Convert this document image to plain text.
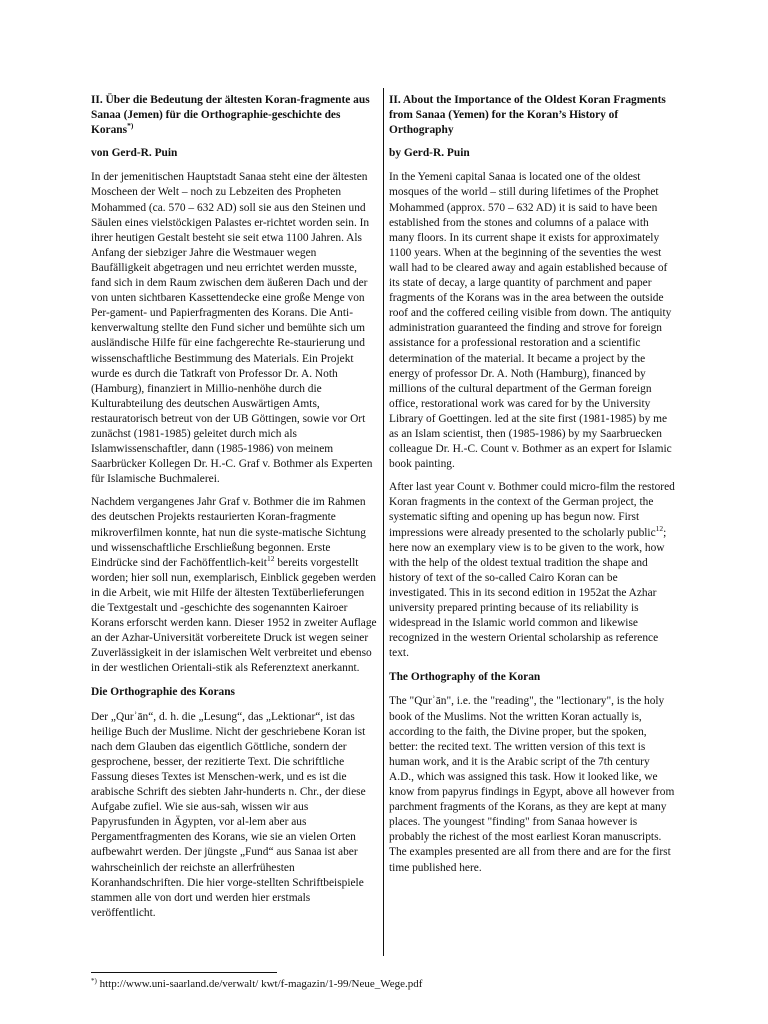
II. Über die Bedeutung der ältesten Koran-fragmente aus Sanaa (Jemen) für die Orthographie-geschichte des Korans*)

von Gerd-R. Puin

In der jemenitischen Hauptstadt Sanaa steht eine der ältesten Moscheen der Welt – noch zu Lebzeiten des Propheten Mohammed (ca. 570 – 632 AD) soll sie aus den Steinen und Säulen eines vielstöckigen Palastes er-richtet worden sein. In ihrer heutigen Gestalt besteht sie seit etwa 1100 Jahren. Als Anfang der siebziger Jahre die Westmauer wegen Baufälligkeit abgetragen und neu errichtet werden musste, fand sich in dem Raum zwischen dem äußeren Dach und der von unten sichtbaren Kassettendecke eine große Menge von Per-gament- und Papierfragmenten des Korans. Die Anti-kenverwaltung stellte den Fund sicher und bemühte sich um ausländische Hilfe für eine fachgerechte Re-staurierung und wissenschaftliche Bestimmung des Materials. Ein Projekt wurde es durch die Tatkraft von Professor Dr. A. Noth (Hamburg), finanziert in Millio-nenhöhe durch die Kulturabteilung des deutschen Auswärtigen Amts, restauratorisch betreut von der UB Göttingen, sowie vor Ort zunächst (1981-1985) geleitet durch mich als Islamwissenschaftler, dann (1985-1986) von meinem Saarbrücker Kollegen Dr. H.-C. Graf v. Bothmer als Experten für Islamische Buchmalerei.

Nachdem vergangenes Jahr Graf v. Bothmer die im Rahmen des deutschen Projekts restaurierten Koran-fragmente mikroverfilmen konnte, hat nun die syste-matische Sichtung und wissenschaftliche Erschließung begonnen. Erste Eindrücke sind der Fachöffentlich-keit$^{12}$ bereits vorgestellt worden; hier soll nun, exemplarisch, Einblick gegeben werden in die Arbeit, wie mit Hilfe der ältesten Textüberlieferungen die Textgestalt und -geschichte des sogenannten Kairoer Korans erforscht werden kann. Dieser 1952 in zweiter Auflage an der Azhar-Universität vorbereitete Druck ist wegen seiner Zuverlässigkeit in der islamischen Welt verbreitet und ebenso in der westlichen Orientali-stik als Referenztext anerkannt.

Die Orthographie des Korans

Der „Qurʾān“, d. h. die „Lesung“, das „Lektionar“, ist das heilige Buch der Muslime. Nicht der geschriebene Koran ist nach dem Glauben das eigentlich Göttliche, sondern der gesprochene, besser, der rezitierte Text. Die schriftliche Fassung dieses Textes ist Menschen-werk, und es ist die arabische Schrift des siebten Jahr-hunderts n. Chr., der diese Aufgabe zufiel. Wie sie aus-sah, wissen wir aus Papyrusfunden in Ägypten, vor al-lem aber aus Pergamentfragmenten des Korans, wie sie an vielen Orten aufbewahrt werden. Der jüngste „Fund“ aus Sanaa ist aber wahrscheinlich der reichste an allerfrühesten Koranhandschriften. Die hier vorge-stellten Schriftbeispiele stammen alle von dort und werden hier erstmals veröffentlicht.

II. About the Importance of the Oldest Koran Fragments from Sanaa (Yemen) for the Koran’s History of Orthography

by Gerd-R. Puin

In the Yemeni capital Sanaa is located one of the oldest mosques of the world – still during lifetimes of the Prophet Mohammed (approx. 570 – 632 AD) it is said to have been established from the stones and columns of a palace with many floors. In its current shape it exists for approximately 1100 years. When at the beginning of the seventies the west wall had to be cleared away and again established because of its state of decay, a large quantity of parchment and paper fragments of the Korans was in the area between the outside roof and the coffered ceiling visible from down. The antiquity administration guaranteed the finding and strove for foreign assistance for a professional restoration and a scientific determination of the material. It became a project by the energy of professor Dr. A. Noth (Hamburg), financed by millions of the cultural department of the German foreign office, restorational work was cared for by the University Library of Goettingen. led at the site first (1981-1985) by me as an Islam scientist, then (1985-1986) by my Saarbruecken colleague Dr. H.-C. Count v. Bothmer as an expert for Islamic book painting.

After last year Count v. Bothmer could micro-film the restored Koran fragments in the context of the German project, the systematic sifting and opening up has begun now. First impressions were already presented to the scholarly public$^{12}$; here now an exemplary view is to be given to the work, how with the help of the oldest textual tradition the shape and history of text of the so-called Cairo Koran can be investigated. This in its second edition in 1952at the Azhar university prepared printing because of its reliability is widespread in the Islamic world common and likewise recognized in the western Oriental scholarship as reference text.

The Orthography of the Koran

The "Qurʾān", i.e. the "reading", the "lectionary", is the holy book of the Muslims. Not the written Koran actually is, according to the faith, the Divine proper, but the spoken, better: the recited text. The written version of this text is human work, and it is the Arabic script of the 7th century A.D., which was assigned this task. How it looked like, we know from papyrus findings in Egypt, above all however from parchment fragments of the Korans, as they are kept at many places. The youngest "finding" from Sanaa however is probably the richest of the most earliest Koran manuscripts. The examples presented are all from there and are for the first time published here.

*) http://www.uni-saarland.de/verwalt/ kwt/f-magazin/1-99/Neue_Wege.pdf
